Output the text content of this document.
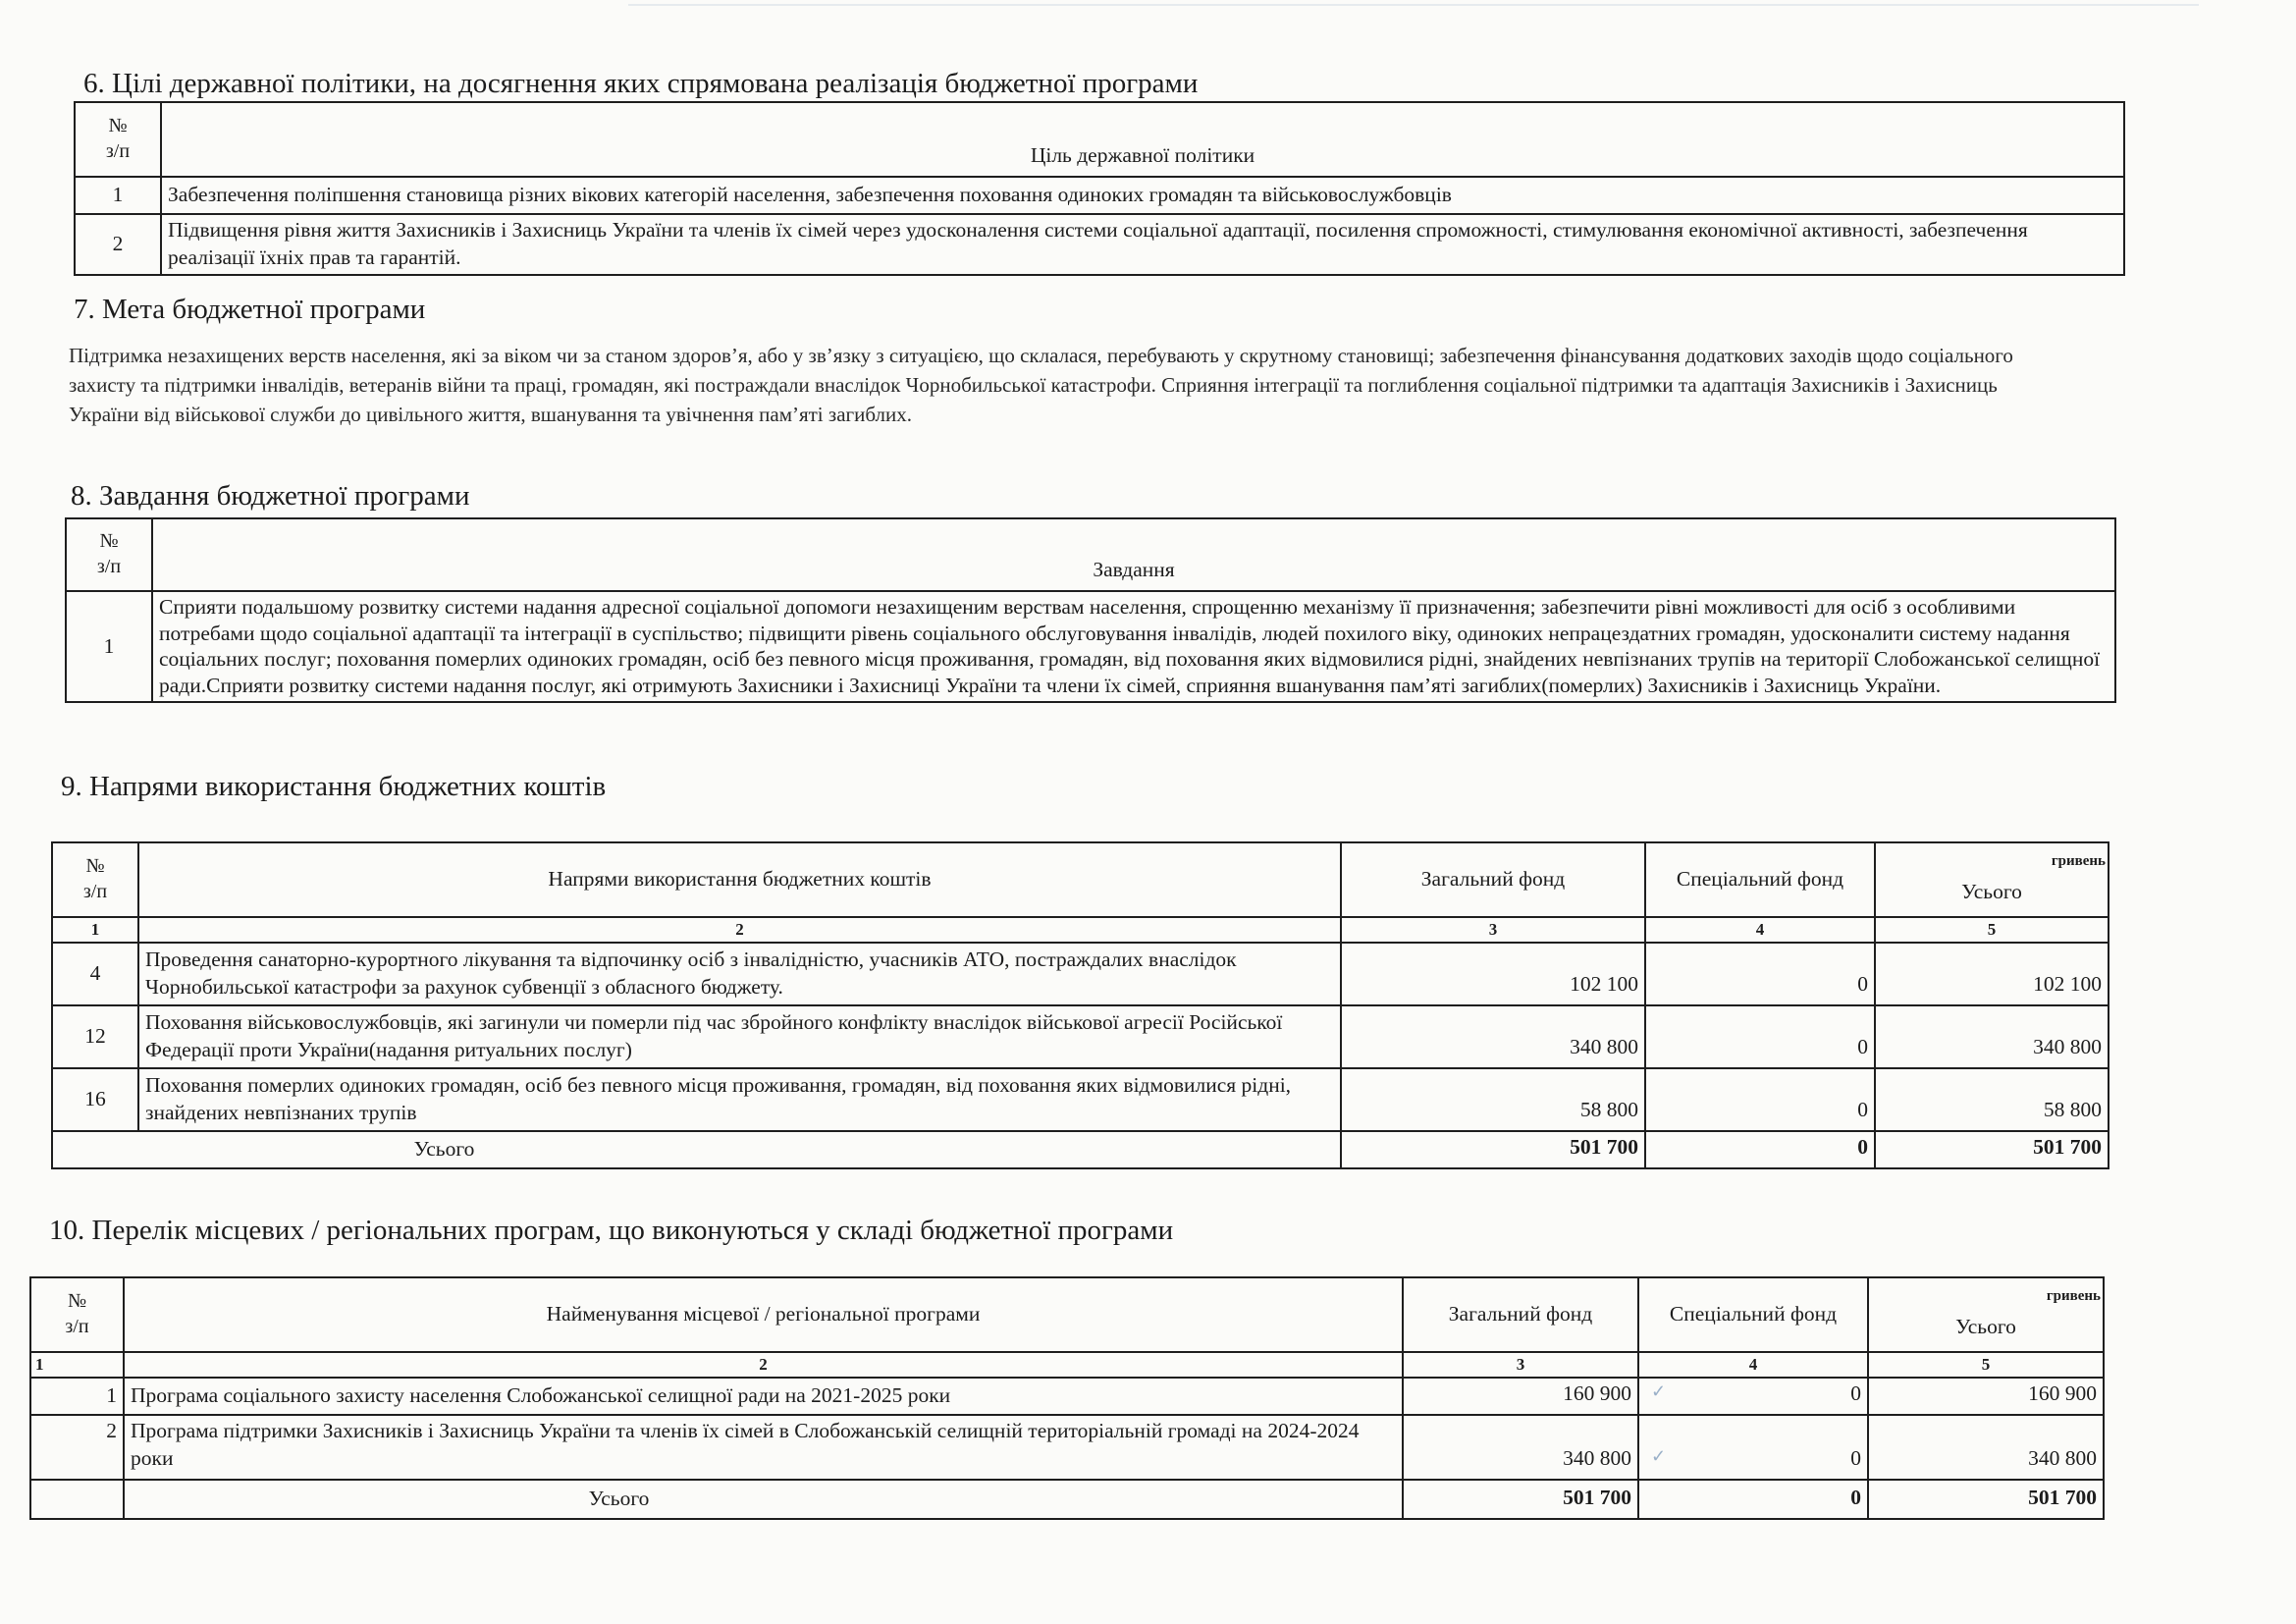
6. Цілі державної політики, на досягнення яких спрямована реалізація бюджетної програми
№
з/п	Ціль державної політики
1	Забезпечення поліпшення становища різних вікових категорій населення, забезпечення поховання одиноких громадян та військовослужбовців
2	Підвищення рівня життя Захисників і Захисниць України та членів їх сімей через удосконалення системи соціальної адаптації, посилення спроможності, стимулювання економічної активності, забезпечення реалізації їхніх прав та гарантій.
7. Мета бюджетної програми

Підтримка незахищених верств населення, які за віком чи за станом здоров’я, або у зв’язку з ситуацією, що склалася, перебувають у скрутному становищі; забезпечення фінансування додаткових заходів щодо соціального захисту та підтримки інвалідів, ветеранів війни та праці, громадян, які постраждали внаслідок Чорнобильської катастрофи. Сприяння інтеграції та поглиблення соціальної підтримки та адаптація Захисників і Захисниць України від військової служби до цивільного життя, вшанування та увічнення пам’яті загиблих.

8. Завдання бюджетної програми
№
з/п	Завдання
1	Сприяти подальшому розвитку системи надання адресної соціальної допомоги незахищеним верствам населення, спрощенню механізму її призначення; забезпечити рівні можливості для осіб з особливими потребами щодо соціальної адаптації та інтеграції в суспільство; підвищити рівень соціального обслуговування інвалідів, людей похилого віку, одиноких непрацездатних громадян, удосконалити систему надання соціальних послуг; поховання померлих одиноких громадян, осіб без певного місця проживання, громадян, від поховання яких відмовилися рідні, знайдених невпізнаних трупів на території Слобожанської селищної ради.Сприяти розвитку системи надання послуг, які отримують Захисники і Захисниці України та члени їх сімей, сприяння вшанування пам’яті загиблих(померлих) Захисників і Захисниць України.
9. Напрями використання бюджетних коштів
№
з/п	Напрями використання бюджетних коштів	Загальний фонд	Спеціальний фонд	гривень
Усього
1	2	3	4	5
4	Проведення санаторно-курортного лікування та відпочинку осіб з інвалідністю, учасників АТО, постраждалих внаслідок Чорнобильської катастрофи за рахунок субвенції з обласного бюджету.	102 100	0	102 100
12	Поховання військовослужбовців, які загинули чи померли під час збройного конфлікту внаслідок військової агресії Російської Федерації проти України(надання ритуальних послуг)	340 800	0	340 800
16	Поховання померлих одиноких громадян, осіб без певного місця проживання, громадян, від поховання яких відмовилися рідні, знайдених невпізнаних трупів	58 800	0	58 800
Усього		501 700	0	501 700
10. Перелік місцевих / регіональних програм, що виконуються у складі бюджетної програми
№
з/п	Найменування місцевої / регіональної програми	Загальний фонд	Спеціальний фонд	гривень
Усього
1	2	3	4	5
1	Програма соціального захисту населення Слобожанської селищної ради на 2021-2025 роки	160 900	✓ 0	160 900
2	Програма підтримки Захисників і Захисниць України та членів їх сімей в Слобожанській селищній територіальній громаді на 2024-2024 роки	340 800	✓ 0	340 800
	Усього	501 700	0	501 700
